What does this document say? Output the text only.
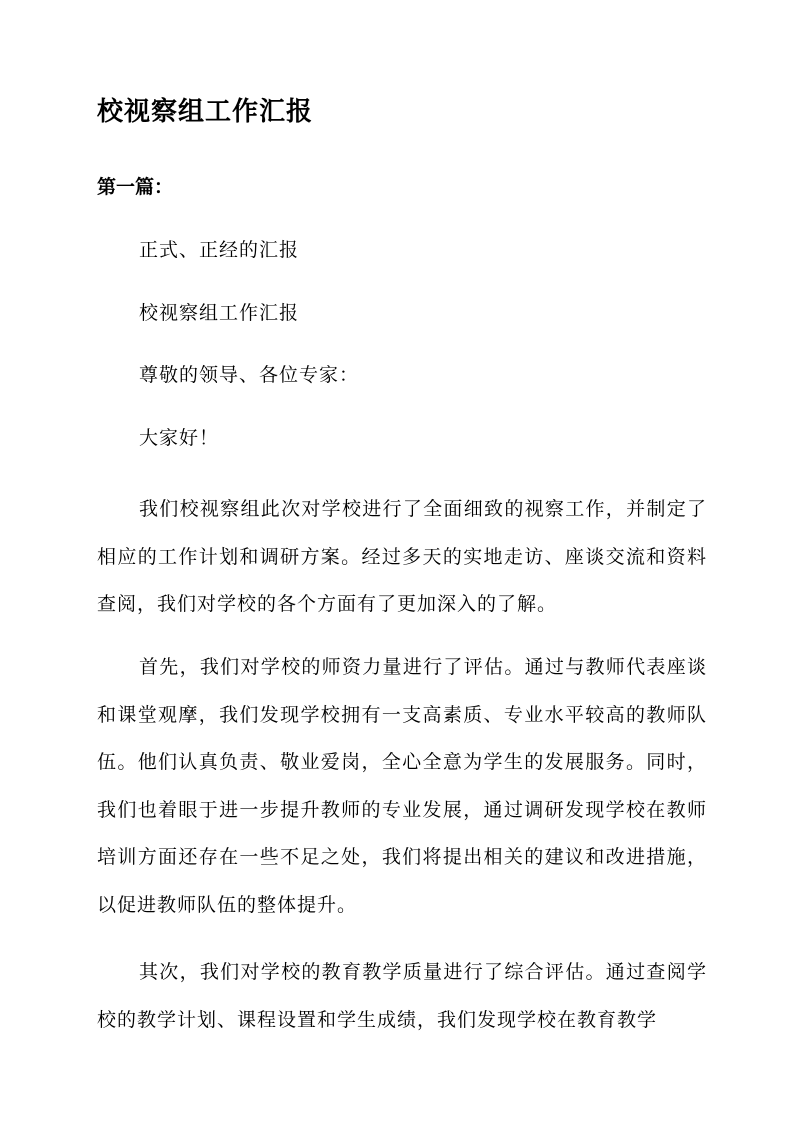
校视察组工作汇报
第一篇：

正式、正经的汇报

校视察组工作汇报

尊敬的领导、各位专家：

大家好！

我们校视察组此次对学校进行了全面细致的视察工作，并制定了相应的工作计划和调研方案。经过多天的实地走访、座谈交流和资料查阅，我们对学校的各个方面有了更加深入的了解。

首先，我们对学校的师资力量进行了评估。通过与教师代表座谈和课堂观摩，我们发现学校拥有一支高素质、专业水平较高的教师队伍。他们认真负责、敬业爱岗，全心全意为学生的发展服务。同时，我们也着眼于进一步提升教师的专业发展，通过调研发现学校在教师培训方面还存在一些不足之处，我们将提出相关的建议和改进措施，以促进教师队伍的整体提升。

其次，我们对学校的教育教学质量进行了综合评估。通过查阅学校的教学计划、课程设置和学生成绩，我们发现学校在教育教学
